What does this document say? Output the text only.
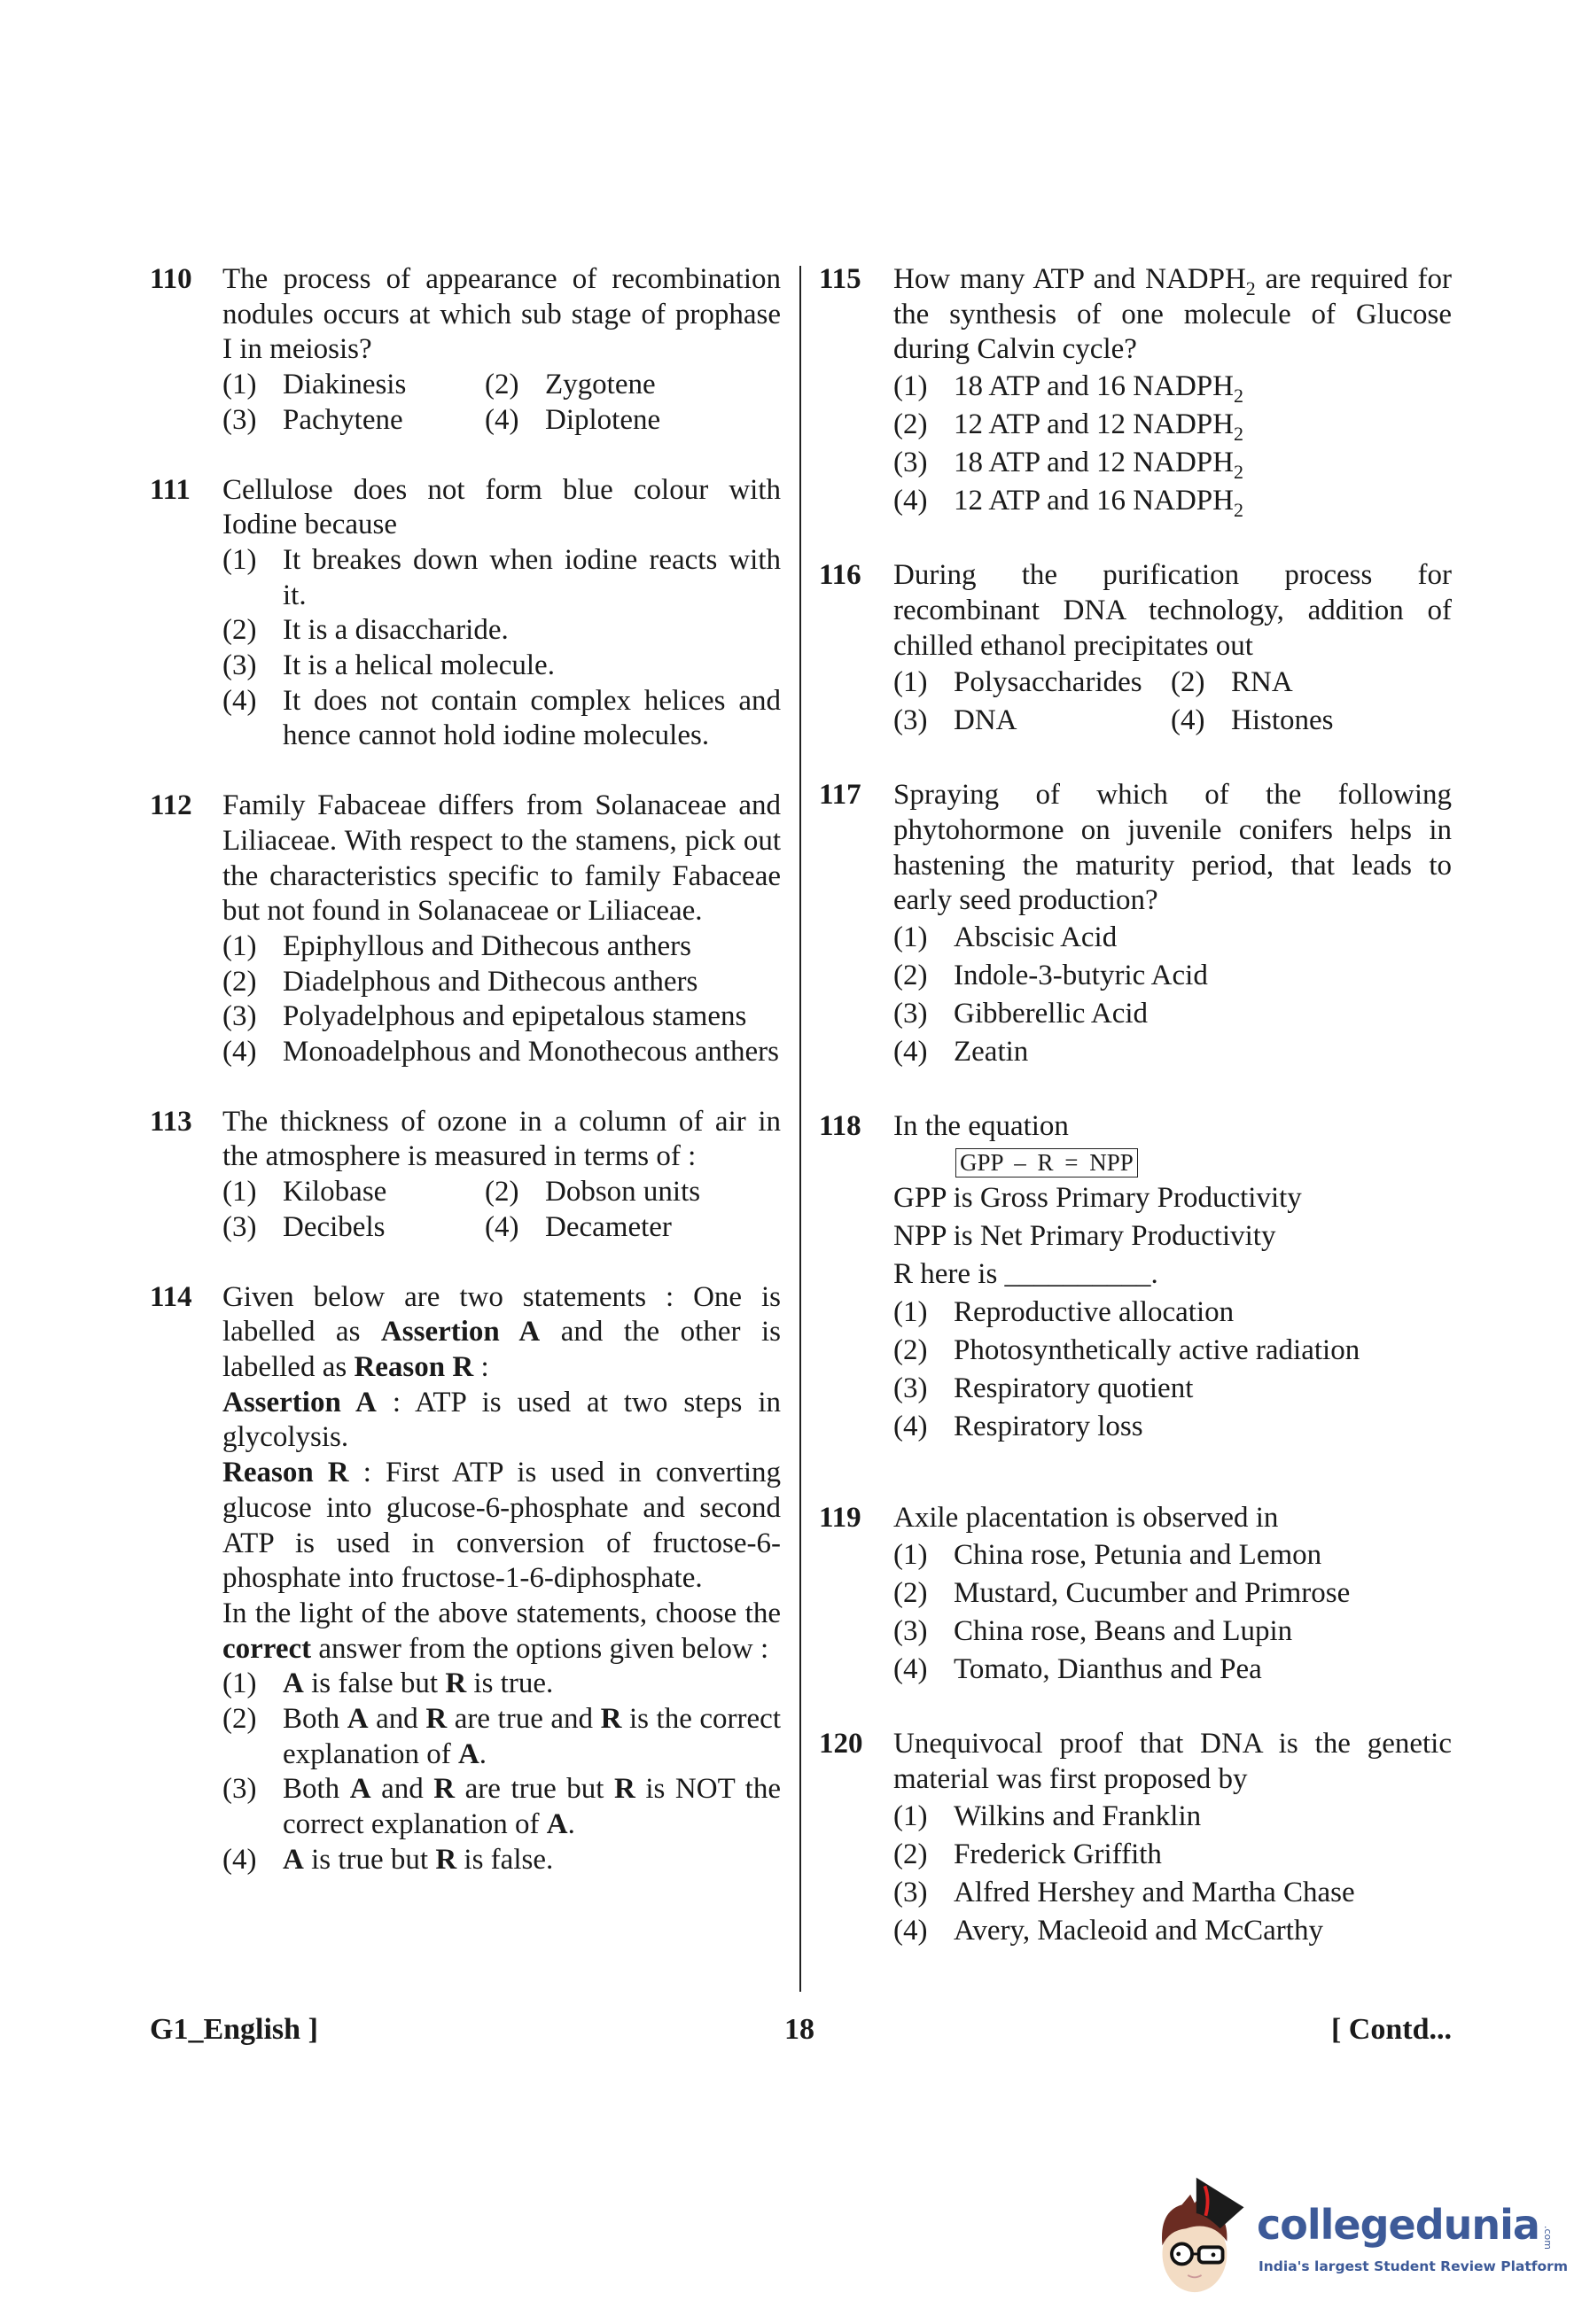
110 The process of appearance of recombination nodules occurs at which sub stage of prophase I in meiosis?

(1) Diakinesis	(2) Zygotene
(3) Pachytene	(4) Diplotene
111 Cellulose does not form blue colour with Iodine because

(1) It breakes down when iodine reacts with it.
(2) It is a disaccharide.
(3) It is a helical molecule.
(4) It does not contain complex helices and hence cannot hold iodine molecules.
112 Family Fabaceae differs from Solanaceae and Liliaceae. With respect to the stamens, pick out the characteristics specific to family Fabaceae but not found in Solanaceae or Liliaceae.

(1) Epiphyllous and Dithecous anthers
(2) Diadelphous and Dithecous anthers
(3) Polyadelphous and epipetalous stamens
(4) Monoadelphous and Monothecous anthers
113 The thickness of ozone in a column of air in the atmosphere is measured in terms of :

(1) Kilobase	(2) Dobson units
(3) Decibels	(4) Decameter
114 Given below are two statements : One is labelled as Assertion A and the other is labelled as Reason R :

Assertion A : ATP is used at two steps in glycolysis.

Reason R : First ATP is used in converting glucose into glucose-6-phosphate and second ATP is used in conversion of fructose-6-phosphate into fructose-1-6-diphosphate.

In the light of the above statements, choose the correct answer from the options given below :

(1) A is false but R is true.
(2) Both A and R are true and R is the correct explanation of A.
(3) Both A and R are true but R is NOT the correct explanation of A.
(4) A is true but R is false.
115 How many ATP and $NADPH_2$ are required for the synthesis of one molecule of Glucose during Calvin cycle?

(1) 18 ATP and 16 $NADPH_2$
(2) 12 ATP and 12 $NADPH_2$
(3) 18 ATP and 12 $NADPH_2$
(4) 12 ATP and 16 $NADPH_2$
116 During the purification process for recombinant DNA technology, addition of chilled ethanol precipitates out

(1) Polysaccharides (2) RNA
(3) DNA	(4) Histones
117 Spraying of which of the following phytohormone on juvenile conifers helps in hastening the maturity period, that leads to early seed production?

(1) Abscisic Acid
(2) Indole-3-butyric Acid
(3) Gibberellic Acid
(4) Zeatin
118 In the equation

GPP – R = NPP
GPP is Gross Primary Productivity
NPP is Net Primary Productivity
R here is __________.
(1) Reproductive allocation
(2) Photosynthetically active radiation
(3) Respiratory quotient
(4) Respiratory loss
119 Axile placentation is observed in

(1) China rose, Petunia and Lemon
(2) Mustard, Cucumber and Primrose
(3) China rose, Beans and Lupin
(4) Tomato, Dianthus and Pea
120 Unequivocal proof that DNA is the genetic material was first proposed by

(1) Wilkins and Franklin
(2) Frederick Griffith
(3) Alfred Hershey and Martha Chase
(4) Avery, Macleoid and McCarthy
G1_English ]	18	[ Contd...
collegedunia .com
India's largest Student Review Platform
